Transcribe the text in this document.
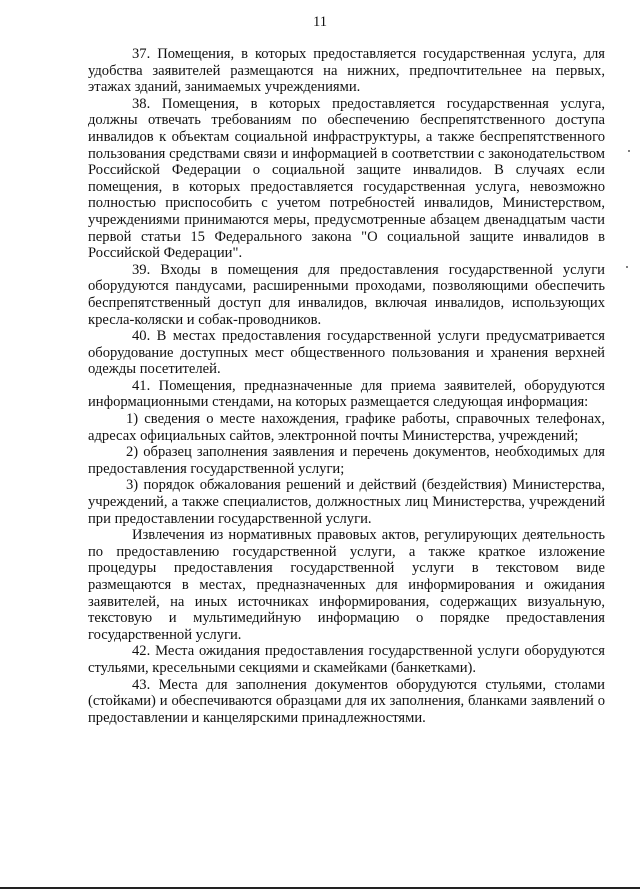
11

37. Помещения, в которых предоставляется государственная услуга, для удобства заявителей размещаются на нижних, предпочтительнее на первых, этажах зданий, занимаемых учреждениями.

38. Помещения, в которых предоставляется государственная услуга, должны отвечать требованиям по обеспечению беспрепятственного доступа инвалидов к объектам социальной инфраструктуры, а также беспрепятственного пользования средствами связи и информацией в соответствии с законодательством Российской Федерации о социальной защите инвалидов. В случаях если помещения, в которых предоставляется государственная услуга, невозможно полностью приспособить с учетом потребностей инвалидов, Министерством, учреждениями принимаются меры, предусмотренные абзацем двенадцатым части первой статьи 15 Федерального закона "О социальной защите инвалидов в Российской Федерации".

39. Входы в помещения для предоставления государственной услуги оборудуются пандусами, расширенными проходами, позволяющими обеспечить беспрепятственный доступ для инвалидов, включая инвалидов, использующих кресла-коляски и собак-проводников.

40. В местах предоставления государственной услуги предусматривается оборудование доступных мест общественного пользования и хранения верхней одежды посетителей.

41. Помещения, предназначенные для приема заявителей, оборудуются информационными стендами, на которых размещается следующая информация:

1) сведения о месте нахождения, графике работы, справочных телефонах, адресах официальных сайтов, электронной почты Министерства, учреждений;

2) образец заполнения заявления и перечень документов, необходимых для предоставления государственной услуги;

3) порядок обжалования решений и действий (бездействия) Министерства, учреждений, а также специалистов, должностных лиц Министерства, учреждений при предоставлении государственной услуги.

Извлечения из нормативных правовых актов, регулирующих деятельность по предоставлению государственной услуги, а также краткое изложение процедуры предоставления государственной услуги в текстовом виде размещаются в местах, предназначенных для информирования и ожидания заявителей, на иных источниках информирования, содержащих визуальную, текстовую и мультимедийную информацию о порядке предоставления государственной услуги.

42. Места ожидания предоставления государственной услуги оборудуются стульями, кресельными секциями и скамейками (банкетками).

43. Места для заполнения документов оборудуются стульями, столами (стойками) и обеспечиваются образцами для их заполнения, бланками заявлений о предоставлении и канцелярскими принадлежностями.
